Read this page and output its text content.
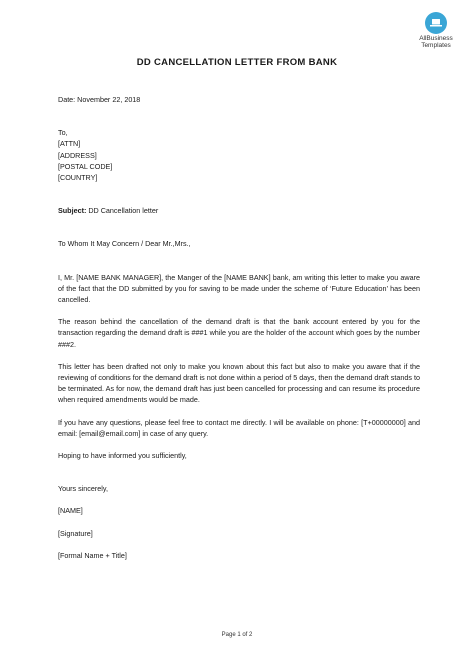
AllBusiness
Templates
DD CANCELLATION LETTER FROM BANK

Date: November 22, 2018

To,

[ATTN]

[ADDRESS]

[POSTAL CODE]

[COUNTRY]

Subject: DD Cancellation letter

To Whom It May Concern / Dear Mr.,Mrs.,

I, Mr. [NAME BANK MANAGER], the Manger of the [NAME BANK] bank, am writing this letter to make you aware of the fact that the DD submitted by you for saving to be made under the scheme of ‘Future Education’ has been cancelled.

The reason behind the cancellation of the demand draft is that the bank account entered by you for the transaction regarding the demand draft is ###1 while you are the holder of the account which goes by the number ###2.

This letter has been drafted not only to make you known about this fact but also to make you aware that if the reviewing of conditions for the demand draft is not done within a period of 5 days, then the demand draft stands to be terminated. As for now, the demand draft has just been cancelled for processing and can resume its procedure when required amendments would be made.

If you have any questions, please feel free to contact me directly. I will be available on phone: [T+00000000] and email: [email@email.com] in case of any query.

Hoping to have informed you sufficiently,

Yours sincerely,

[NAME]

[Signature]

[Formal Name + Title]

Page 1 of 2
